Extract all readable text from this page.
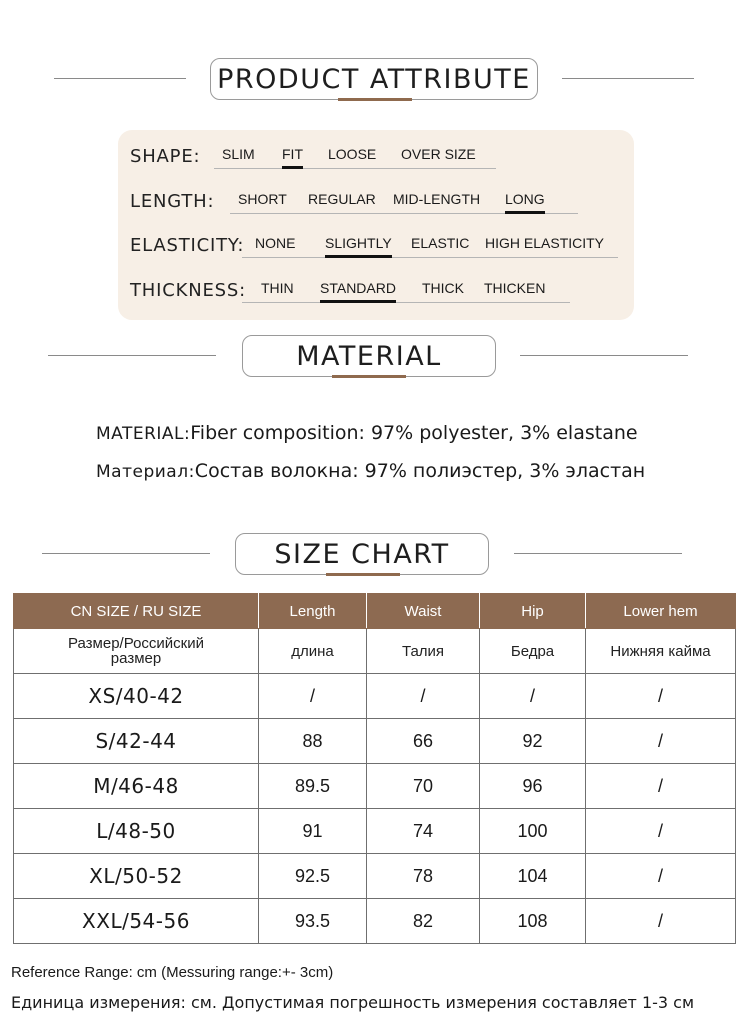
PRODUCT ATTRIBUTE
SHAPE: SLIM FIT LOOSE OVER SIZE
LENGTH: SHORT REGULAR MID-LENGTH LONG
ELASTICITY: NONE SLIGHTLY ELASTIC HIGH ELASTICITY
THICKNESS: THIN STANDARD THICK THICKEN
MATERIAL
MATERIAL:Fiber composition: 97% polyester, 3% elastane
Материал:Состав волокна: 97% полиэстер, 3% эластан
SIZE CHART
CN SIZE / RU SIZE	Length	Waist	Hip	Lower hem
Размер/Российский размер	длина	Талия	Бедра	Нижняя кайма
XS/40-42	/	/	/	/
S/42-44	88	66	92	/
M/46-48	89.5	70	96	/
L/48-50	91	74	100	/
XL/50-52	92.5	78	104	/
XXL/54-56	93.5	82	108	/
Reference Range: cm (Messuring range:+- 3cm)
Единица измерения: см. Допустимая погрешность измерения составляет 1-3 см
